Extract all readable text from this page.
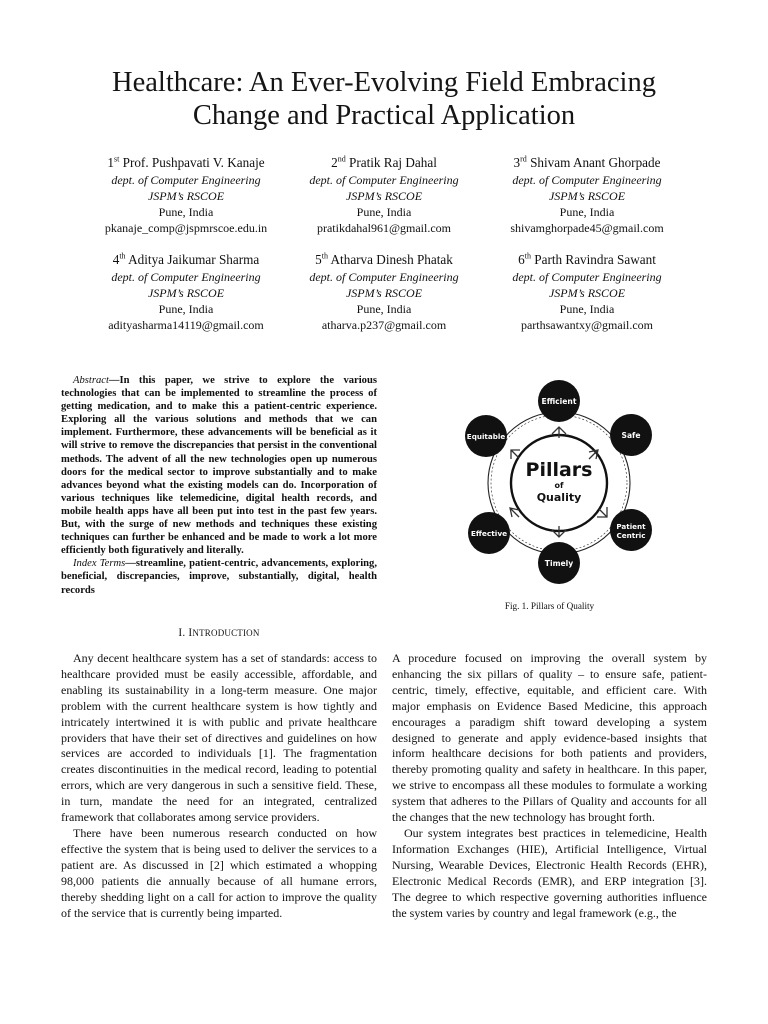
Healthcare: An Ever-Evolving Field Embracing
Change and Practical Application
1st Prof. Pushpavati V. Kanaje
dept. of Computer Engineering
JSPM’s RSCOE
Pune, India
pkanaje_comp@jspmrscoe.edu.in
2nd Pratik Raj Dahal
dept. of Computer Engineering
JSPM’s RSCOE
Pune, India
pratikdahal961@gmail.com
3rd Shivam Anant Ghorpade
dept. of Computer Engineering
JSPM’s RSCOE
Pune, India
shivamghorpade45@gmail.com
4th Aditya Jaikumar Sharma
dept. of Computer Engineering
JSPM’s RSCOE
Pune, India
adityasharma14119@gmail.com
5th Atharva Dinesh Phatak
dept. of Computer Engineering
JSPM’s RSCOE
Pune, India
atharva.p237@gmail.com
6th Parth Ravindra Sawant
dept. of Computer Engineering
JSPM’s RSCOE
Pune, India
parthsawantxy@gmail.com

Abstract—In this paper, we strive to explore the various technologies that can be implemented to streamline the process of getting medication, and to make this a patient-centric experience. Exploring all the various solutions and methods that we can implement. Furthermore, these advancements will be beneficial as it will strive to remove the discrepancies that persist in the conventional methods. The advent of all the new technologies open up numerous doors for the medical sector to improve substantially and to make advances beyond what the existing models can do. Incorporation of various techniques like telemedicine, digital health records, and mobile health apps have all been put into test in the past few years. But, with the surge of new methods and techniques these existing techniques can further be enhanced and be made to work a lot more efficiently both figuratively and literally.

Index Terms—streamline, patient-centric, advancements, exploring, beneficial, discrepancies, improve, substantially, digital, health records

I. INTRODUCTION

Any decent healthcare system has a set of standards: access to healthcare provided must be easily accessible, affordable, and enabling its sustainability in a long-term measure. One major problem with the current healthcare system is how tightly and intricately intertwined it is with public and private healthcare providers that have their set of directives and guidelines on how services are accorded to individuals [1]. The fragmentation creates discontinuities in the medical record, leading to potential errors, which are very dangerous in such a sensitive field. These, in turn, mandate the need for an integrated, centralized framework that collaborates among service providers.

There have been numerous research conducted on how effective the system that is being used to deliver the services to a patient are. As discussed in [2] which estimated a whopping 98,000 patients die annually because of all humane errors, thereby shedding light on a call for action to improve the quality of the service that is currently being imparted.

Pillars
of
Quality
Efficient
Safe
Patient
Centric
Timely
Effective
Equitable
Fig. 1. Pillars of Quality

A procedure focused on improving the overall system by enhancing the six pillars of quality – to ensure safe, patient-centric, timely, effective, equitable, and efficient care. With major emphasis on Evidence Based Medicine, this approach encourages a paradigm shift toward developing a system designed to generate and apply evidence-based insights that inform healthcare decisions for both patients and providers, thereby promoting quality and safety in healthcare. In this paper, we strive to encompass all these modules to formulate a working system that adheres to the Pillars of Quality and accounts for all the changes that the new technology has brought forth.

Our system integrates best practices in telemedicine, Health Information Exchanges (HIE), Artificial Intelligence, Virtual Nursing, Wearable Devices, Electronic Health Records (EHR), Electronic Medical Records (EMR), and ERP integration [3]. The degree to which respective governing authorities influence the system varies by country and legal framework (e.g., the
